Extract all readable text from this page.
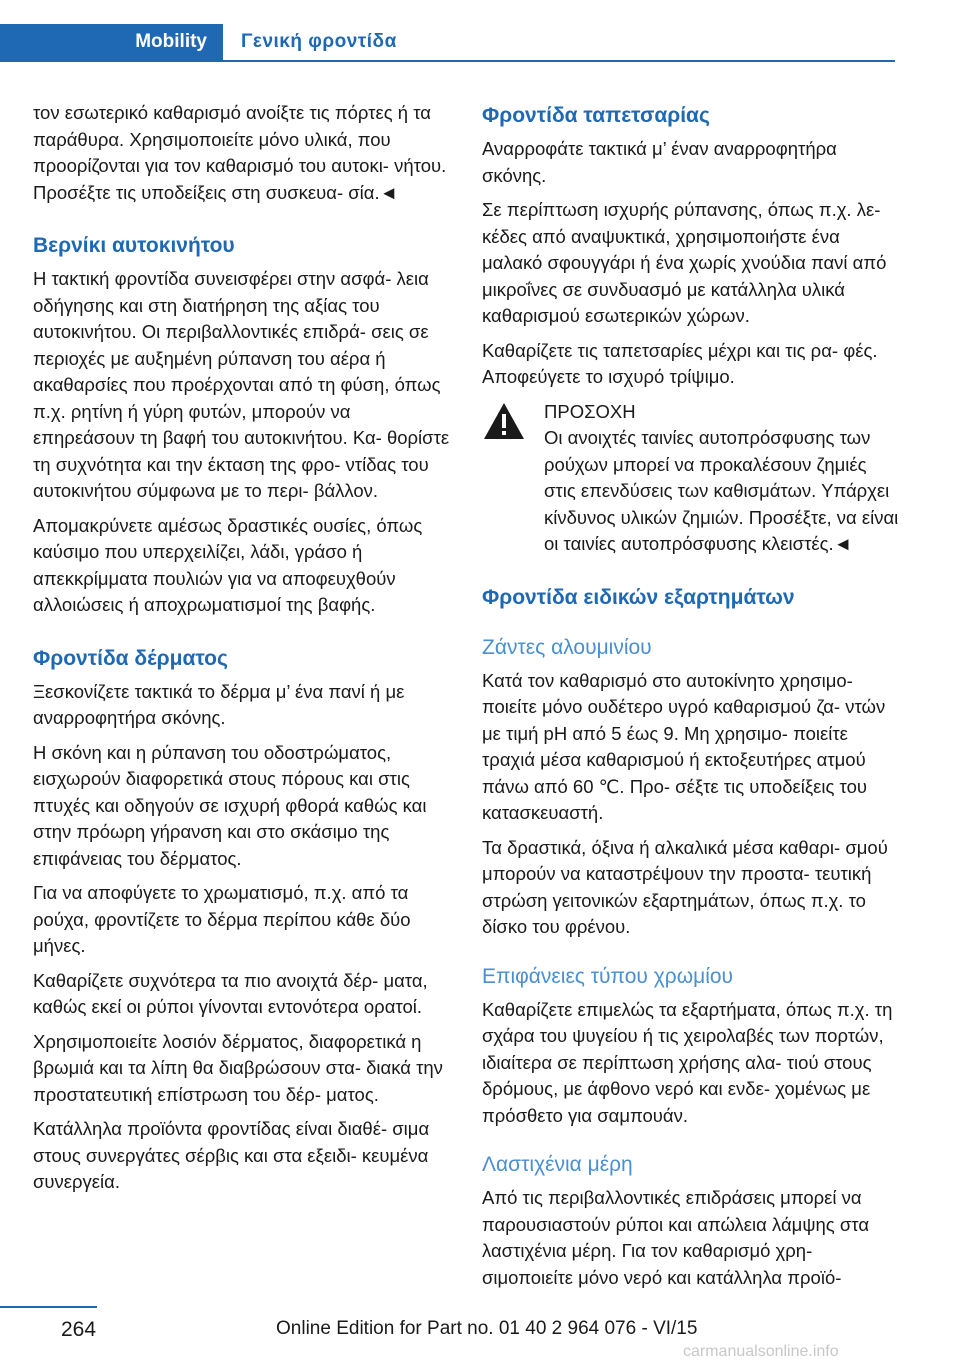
Mobility	Γενική φροντίδα

τον εσωτερικό καθαρισμό ανοίξτε τις πόρτες ή τα παράθυρα. Χρησιμοποιείτε μόνο υλικά, που προορίζονται για τον καθαρισμό του αυτοκι‐ νήτου. Προσέξτε τις υποδείξεις στη συσκευα‐ σία.◄

Βερνίκι αυτοκινήτου

Η τακτική φροντίδα συνεισφέρει στην ασφά‐ λεια οδήγησης και στη διατήρηση της αξίας του αυτοκινήτου. Οι περιβαλλοντικές επιδρά‐ σεις σε περιοχές με αυξημένη ρύπανση του αέρα ή ακαθαρσίες που προέρχονται από τη φύση, όπως π.χ. ρητίνη ή γύρη φυτών, μπορούν να επηρεάσουν τη βαφή του αυτοκινήτου. Κα‐ θορίστε τη συχνότητα και την έκταση της φρο‐ ντίδας του αυτοκινήτου σύμφωνα με το περι‐ βάλλον.

Απομακρύνετε αμέσως δραστικές ουσίες, όπως καύσιμο που υπερχειλίζει, λάδι, γράσο ή απεκκρίμματα πουλιών για να αποφευχθούν αλλοιώσεις ή αποχρωματισμοί της βαφής.

Φροντίδα δέρματος

Ξεσκονίζετε τακτικά το δέρμα μ’ ένα πανί ή με αναρροφητήρα σκόνης.

Η σκόνη και η ρύπανση του οδοστρώματος, εισχωρούν διαφορετικά στους πόρους και στις πτυχές και οδηγούν σε ισχυρή φθορά καθώς και στην πρόωρη γήρανση και στο σκάσιμο της επιφάνειας του δέρματος.

Για να αποφύγετε το χρωματισμό, π.χ. από τα ρούχα, φροντίζετε το δέρμα περίπου κάθε δύο μήνες.

Καθαρίζετε συχνότερα τα πιο ανοιχτά δέρ‐ ματα, καθώς εκεί οι ρύποι γίνονται εντονότερα ορατοί.

Χρησιμοποιείτε λοσιόν δέρματος, διαφορετικά η βρωμιά και τα λίπη θα διαβρώσουν στα‐ διακά την προστατευτική επίστρωση του δέρ‐ ματος.

Κατάλληλα προϊόντα φροντίδας είναι διαθέ‐ σιμα στους συνεργάτες σέρβις και στα εξειδι‐ κευμένα συνεργεία.

Φροντίδα ταπετσαρίας

Αναρροφάτε τακτικά μ’ έναν αναρροφητήρα σκόνης.

Σε περίπτωση ισχυρής ρύπανσης, όπως π.χ. λε‐ κέδες από αναψυκτικά, χρησιμοποιήστε ένα μαλακό σφουγγάρι ή ένα χωρίς χνούδια πανί από μικροΐνες σε συνδυασμό με κατάλληλα υλικά καθαρισμού εσωτερικών χώρων.

Καθαρίζετε τις ταπετσαρίες μέχρι και τις ρα‐ φές. Αποφεύγετε το ισχυρό τρίψιμο.

ΠΡΟΣΟΧΗ
Οι ανοιχτές ταινίες αυτοπρόσφυσης των ρούχων μπορεί να προκαλέσουν ζημιές στις επενδύσεις των καθισμάτων. Υπάρχει κίνδυνος υλικών ζημιών. Προσέξτε, να είναι οι ταινίες αυτοπρόσφυσης κλειστές.◄
Φροντίδα ειδικών εξαρτημάτων
Ζάντες αλουμινίου

Κατά τον καθαρισμό στο αυτοκίνητο χρησιμο‐ ποιείτε μόνο ουδέτερο υγρό καθαρισμού ζα‐ ντών με τιμή pH από 5 έως 9. Μη χρησιμο‐ ποιείτε τραχιά μέσα καθαρισμού ή εκτοξευτήρες ατμού πάνω από 60 ℃. Προ‐ σέξτε τις υποδείξεις του κατασκευαστή.

Τα δραστικά, όξινα ή αλκαλικά μέσα καθαρι‐ σμού μπορούν να καταστρέψουν την προστα‐ τευτική στρώση γειτονικών εξαρτημάτων, όπως π.χ. το δίσκο του φρένου.

Επιφάνειες τύπου χρωμίου

Καθαρίζετε επιμελώς τα εξαρτήματα, όπως π.χ. τη σχάρα του ψυγείου ή τις χειρολαβές των πορτών, ιδιαίτερα σε περίπτωση χρήσης αλα‐ τιού στους δρόμους, με άφθονο νερό και ενδε‐ χομένως με πρόσθετο για σαμπουάν.

Λαστιχένια μέρη

Από τις περιβαλλοντικές επιδράσεις μπορεί να παρουσιαστούν ρύποι και απώλεια λάμψης στα λαστιχένια μέρη. Για τον καθαρισμό χρη‐ σιμοποιείτε μόνο νερό και κατάλληλα προϊό‐

264	Online Edition for Part no. 01 40 2 964 076 - VI/15
carmanualsonline.info
